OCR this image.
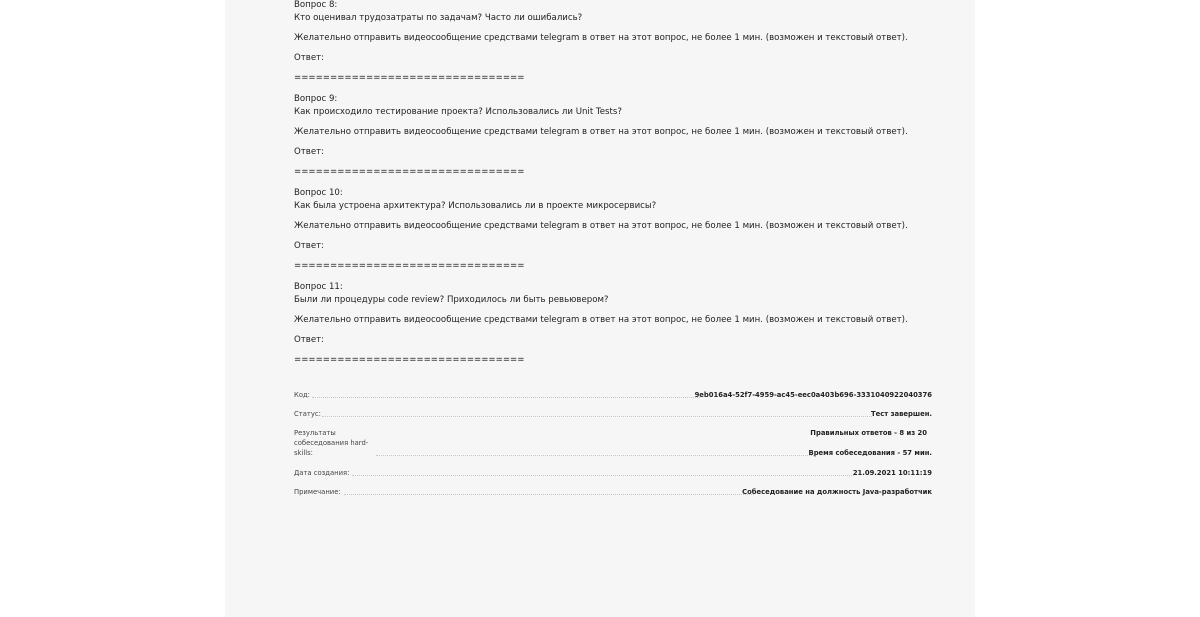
Вопрос 8:
Кто оценивал трудозатраты по задачам? Часто ли ошибались?
Желательно отправить видеосообщение средствами telegram в ответ на этот вопрос, не более 1 мин. (возможен и текстовый ответ).
Ответ:
================================
Вопрос 9:
Как происходило тестирование проекта? Использовались ли Unit Tests?
Желательно отправить видеосообщение средствами telegram в ответ на этот вопрос, не более 1 мин. (возможен и текстовый ответ).
Ответ:
================================
Вопрос 10:
Как была устроена архитектура? Использовались ли в проекте микросервисы?
Желательно отправить видеосообщение средствами telegram в ответ на этот вопрос, не более 1 мин. (возможен и текстовый ответ).
Ответ:
================================
Вопрос 11:
Были ли процедуры code review? Приходилось ли быть ревьювером?
Желательно отправить видеосообщение средствами telegram в ответ на этот вопрос, не более 1 мин. (возможен и текстовый ответ).
Ответ:
================================
Код:	9eb016a4-52f7-4959-ac45-eec0a403b696-3331040922040376
Статус:	Тест завершен.
Результаты собеседования hard-skills:
Правильных ответов - 8 из 20
Время собеседования - 57 мин.
Дата создания:	21.09.2021 10:11:19
Примечание:	Собеседование на должность Java-разработчик
